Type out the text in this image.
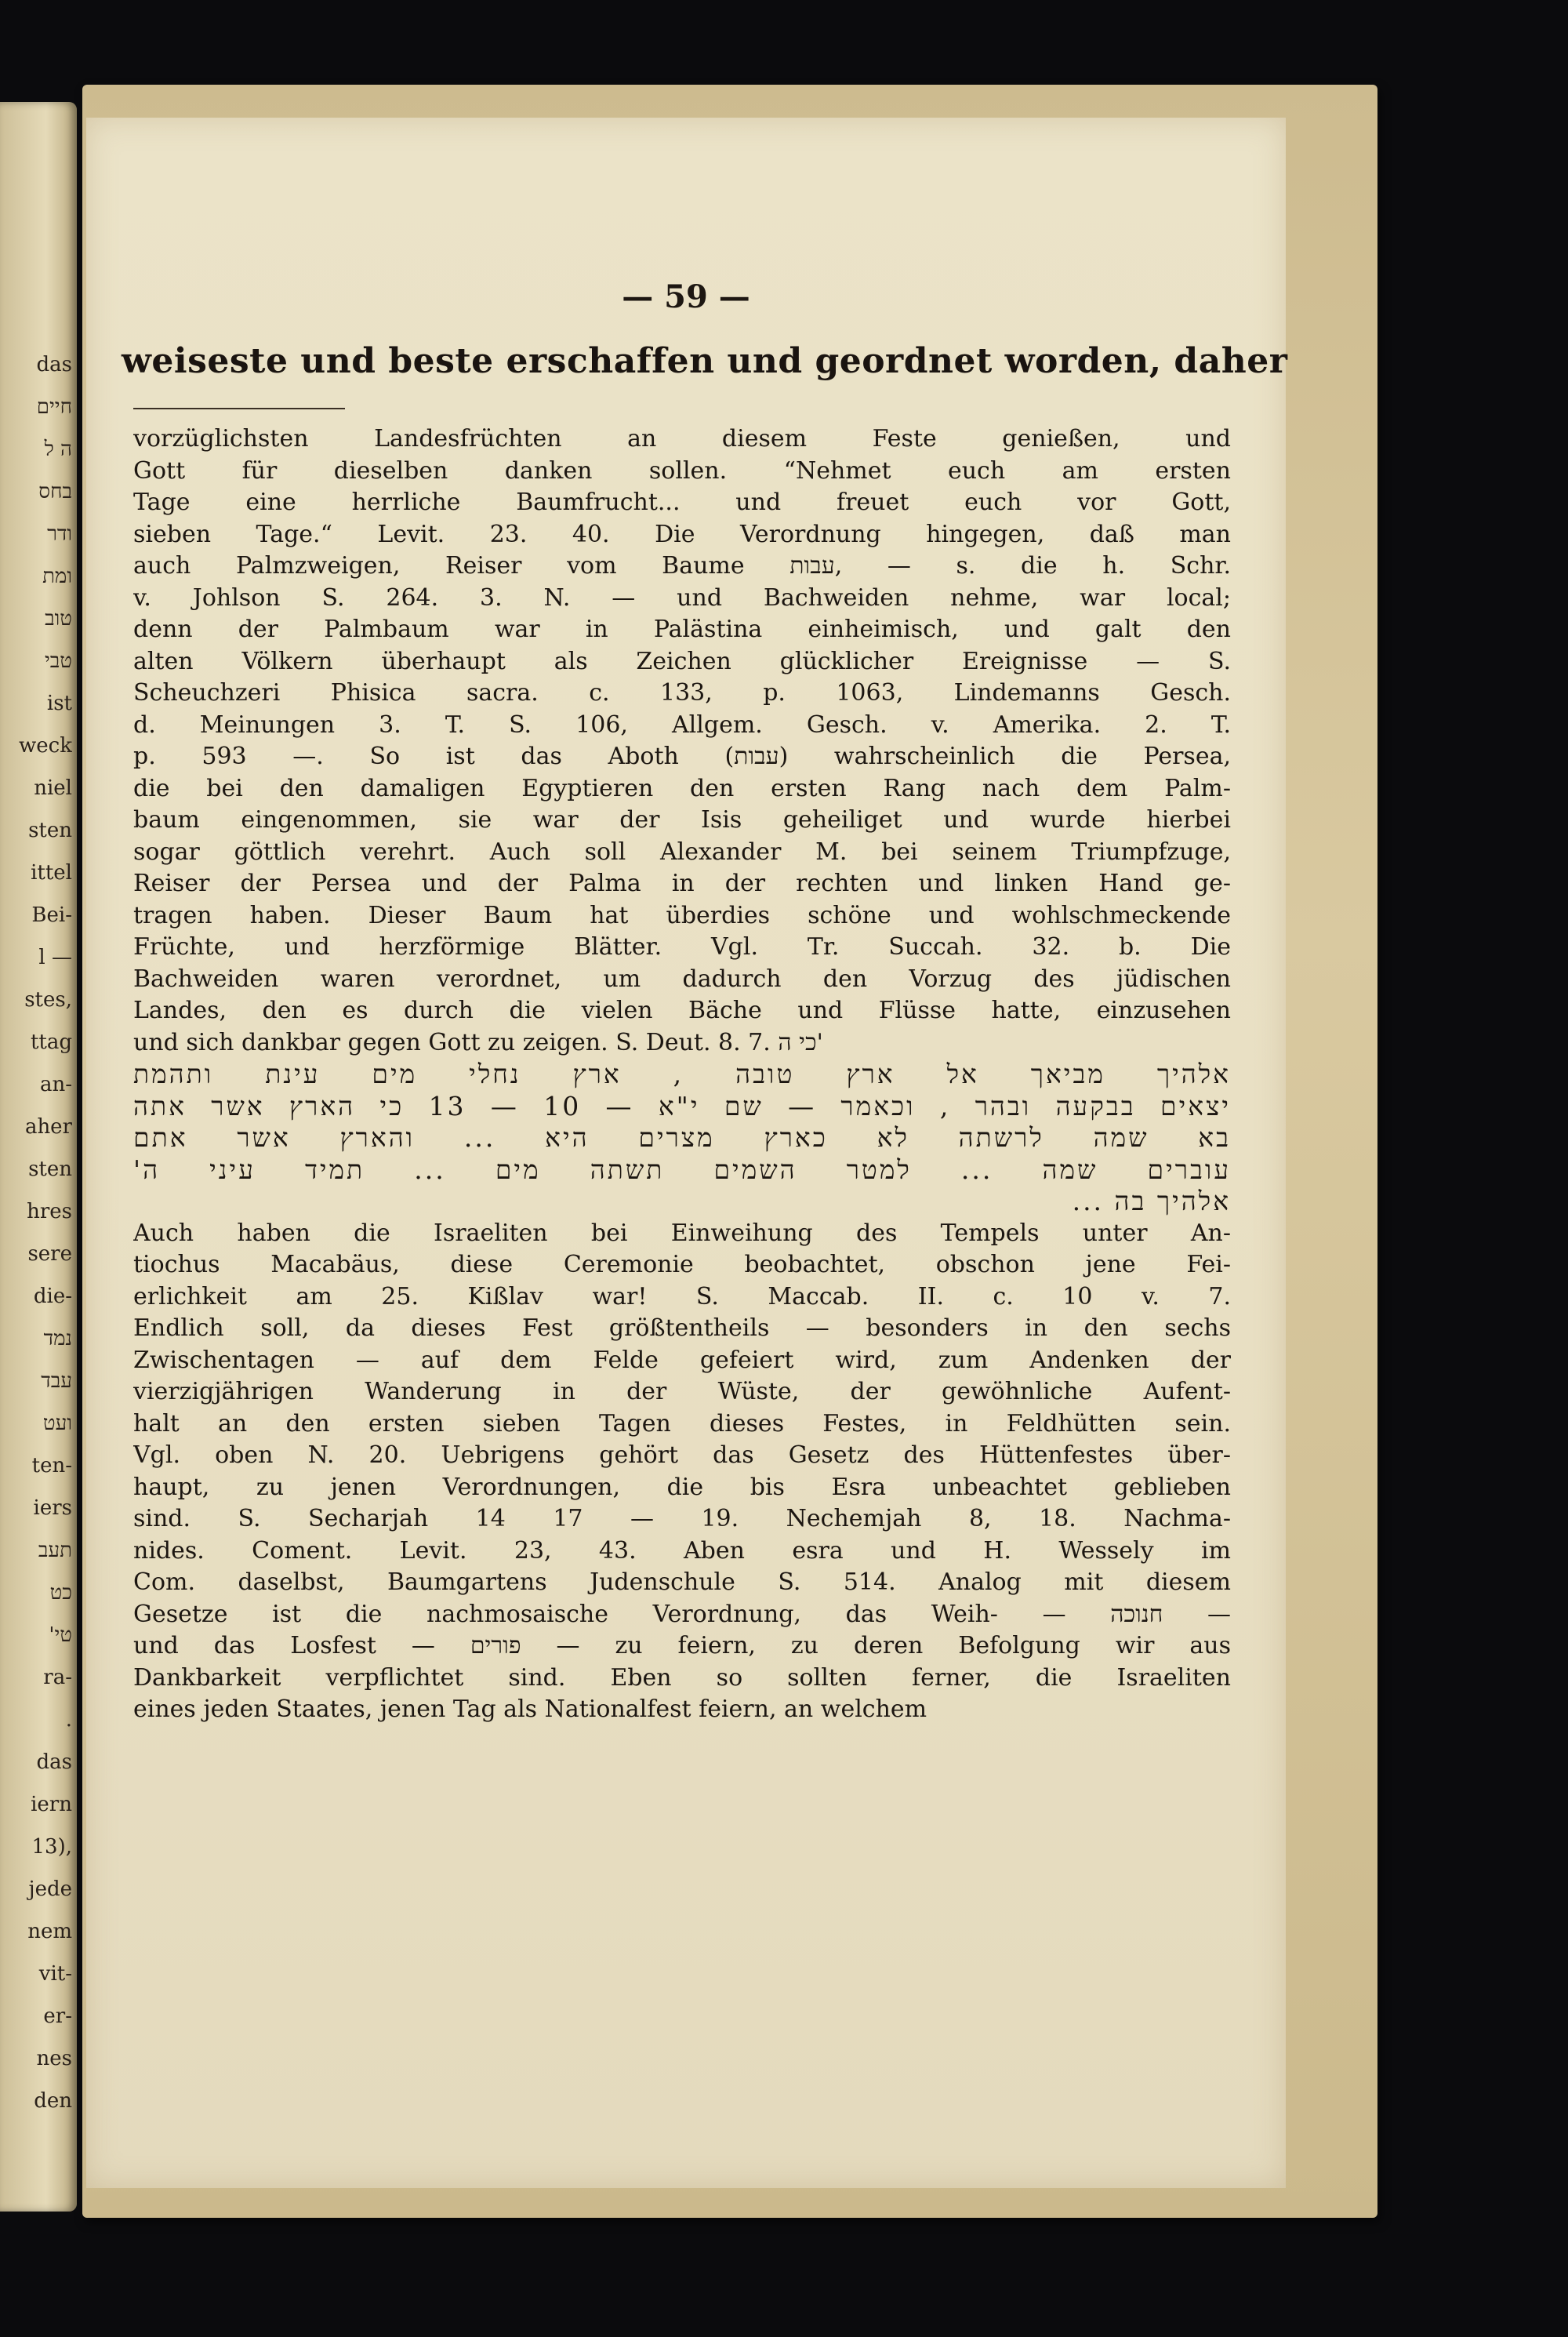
das
חיים
ה ל
בחס
ודר
ומת
טוב
טבי
ist
weck
niel
sten
ittel
Bei-
l —
stes,
ttag
an-
aher
sten
hres
sere
die-
נמד
עבד
ועט
ten-
iers
תעב
כט
'טי
ra-
.
das
iern
13),
jede
nem
vit-
er-
nes
den
— 59 —
weiseste und beste erschaffen und geordnet worden, daher
vorzüglichsten Landesfrüchten an diesem Feste genießen, und
Gott für dieselben danken sollen. “Nehmet euch am ersten
Tage eine herrliche Baumfrucht... und freuet euch vor Gott,
sieben Tage.“ Levit. 23. 40. Die Verordnung hingegen, daß man
auch Palmzweigen, Reiser vom Baume עבות, — s. die h. Schr.
v. Johlson S. 264. 3. N. — und Bachweiden nehme, war local;
denn der Palmbaum war in Palästina einheimisch, und galt den
alten Völkern überhaupt als Zeichen glücklicher Ereignisse — S.
Scheuchzeri Phisica sacra. c. 133, p. 1063, Lindemanns Gesch.
d. Meinungen 3. T. S. 106, Allgem. Gesch. v. Amerika. 2. T.
p. 593 —. So ist das Aboth (עבות) wahrscheinlich die Persea,
die bei den damaligen Egyptieren den ersten Rang nach dem Palm-
baum eingenommen, sie war der Isis geheiliget und wurde hierbei
sogar göttlich verehrt. Auch soll Alexander M. bei seinem Triumpfzuge,
Reiser der Persea und der Palma in der rechten und linken Hand ge-
tragen haben. Dieser Baum hat überdies schöne und wohlschmeckende
Früchte, und herzförmige Blätter. Vgl. Tr. Succah. 32. b. Die
Bachweiden waren verordnet, um dadurch den Vorzug des jüdischen
Landes, den es durch die vielen Bäche und Flüsse hatte, einzusehen
und sich dankbar gegen Gott zu zeigen. S. Deut. 8. 7. כי ה'
אלהיך מביאך אל ארץ טובה , ארץ נחלי מים עינת ותהמת
יצאים בבקעה ובהר , וכאמר — שם י"א — 10 — 13 כי הארץ אשר אתה
בא שמה לרשתה לא כארץ מצרים היא ... והארץ אשר אתם
עוברים שמה ... למטר השמים תשתה מים ... תמיד עיני ה'
אלהיך בה ...
Auch haben die Israeliten bei Einweihung des Tempels unter An-
tiochus Macabäus, diese Ceremonie beobachtet, obschon jene Fei-
erlichkeit am 25. Kißlav war! S. Maccab. II. c. 10 v. 7.
Endlich soll, da dieses Fest größtentheils — besonders in den sechs
Zwischentagen — auf dem Felde gefeiert wird, zum Andenken der
vierzigjährigen Wanderung in der Wüste, der gewöhnliche Aufent-
halt an den ersten sieben Tagen dieses Festes, in Feldhütten sein.
Vgl. oben N. 20. Uebrigens gehört das Gesetz des Hüttenfestes über-
haupt, zu jenen Verordnungen, die bis Esra unbeachtet geblieben
sind. S. Secharjah 14 17 — 19. Nechemjah 8, 18. Nachma-
nides. Coment. Levit. 23, 43. Aben esra und H. Wessely im
Com. daselbst, Baumgartens Judenschule S. 514. Analog mit diesem
Gesetze ist die nachmosaische Verordnung, das Weih- — חנוכה —
und das Losfest — פורים — zu feiern, zu deren Befolgung wir aus
Dankbarkeit verpflichtet sind. Eben so sollten ferner, die Israeliten
eines jeden Staates, jenen Tag als Nationalfest feiern, an welchem
